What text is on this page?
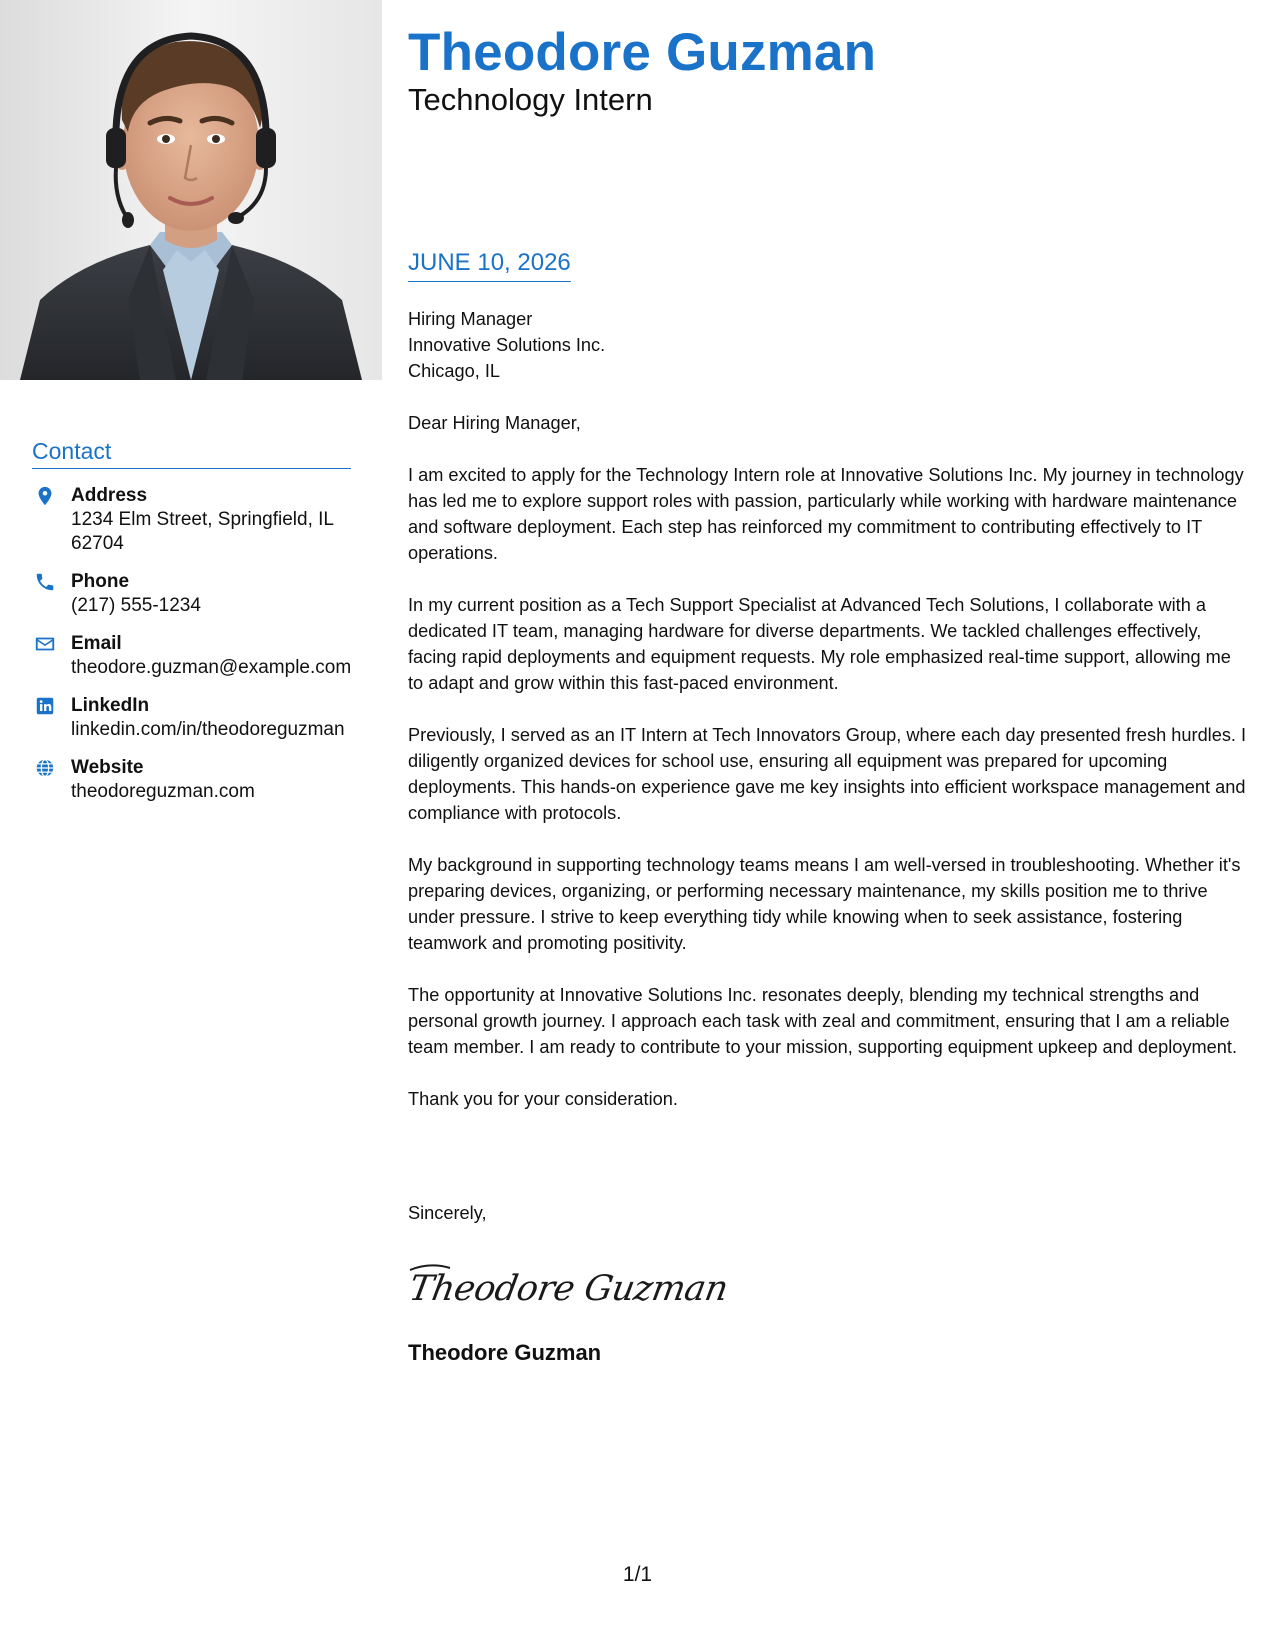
Theodore Guzman
Technology Intern
Contact
Address
1234 Elm Street, Springfield, IL 62704
Phone
(217) 555-1234
Email
theodore.guzman@example.com
LinkedIn
linkedin.com/in/theodoreguzman
Website
theodoreguzman.com
JUNE 10, 2026
Hiring Manager
Innovative Solutions Inc.
Chicago, IL

Dear Hiring Manager,

I am excited to apply for the Technology Intern role at Innovative Solutions Inc. My journey in technology has led me to explore support roles with passion, particularly while working with hardware maintenance and software deployment. Each step has reinforced my commitment to contributing effectively to IT operations.

In my current position as a Tech Support Specialist at Advanced Tech Solutions, I collaborate with a dedicated IT team, managing hardware for diverse departments. We tackled challenges effectively, facing rapid deployments and equipment requests. My role emphasized real-time support, allowing me to adapt and grow within this fast-paced environment.

Previously, I served as an IT Intern at Tech Innovators Group, where each day presented fresh hurdles. I diligently organized devices for school use, ensuring all equipment was prepared for upcoming deployments. This hands-on experience gave me key insights into efficient workspace management and compliance with protocols.

My background in supporting technology teams means I am well-versed in troubleshooting. Whether it's preparing devices, organizing, or performing necessary maintenance, my skills position me to thrive under pressure. I strive to keep everything tidy while knowing when to seek assistance, fostering teamwork and promoting positivity.

The opportunity at Innovative Solutions Inc. resonates deeply, blending my technical strengths and personal growth journey. I approach each task with zeal and commitment, ensuring that I am a reliable team member. I am ready to contribute to your mission, supporting equipment upkeep and deployment.

Thank you for your consideration.

Sincerely,
Theodore Guzman
Theodore Guzman
1/1
